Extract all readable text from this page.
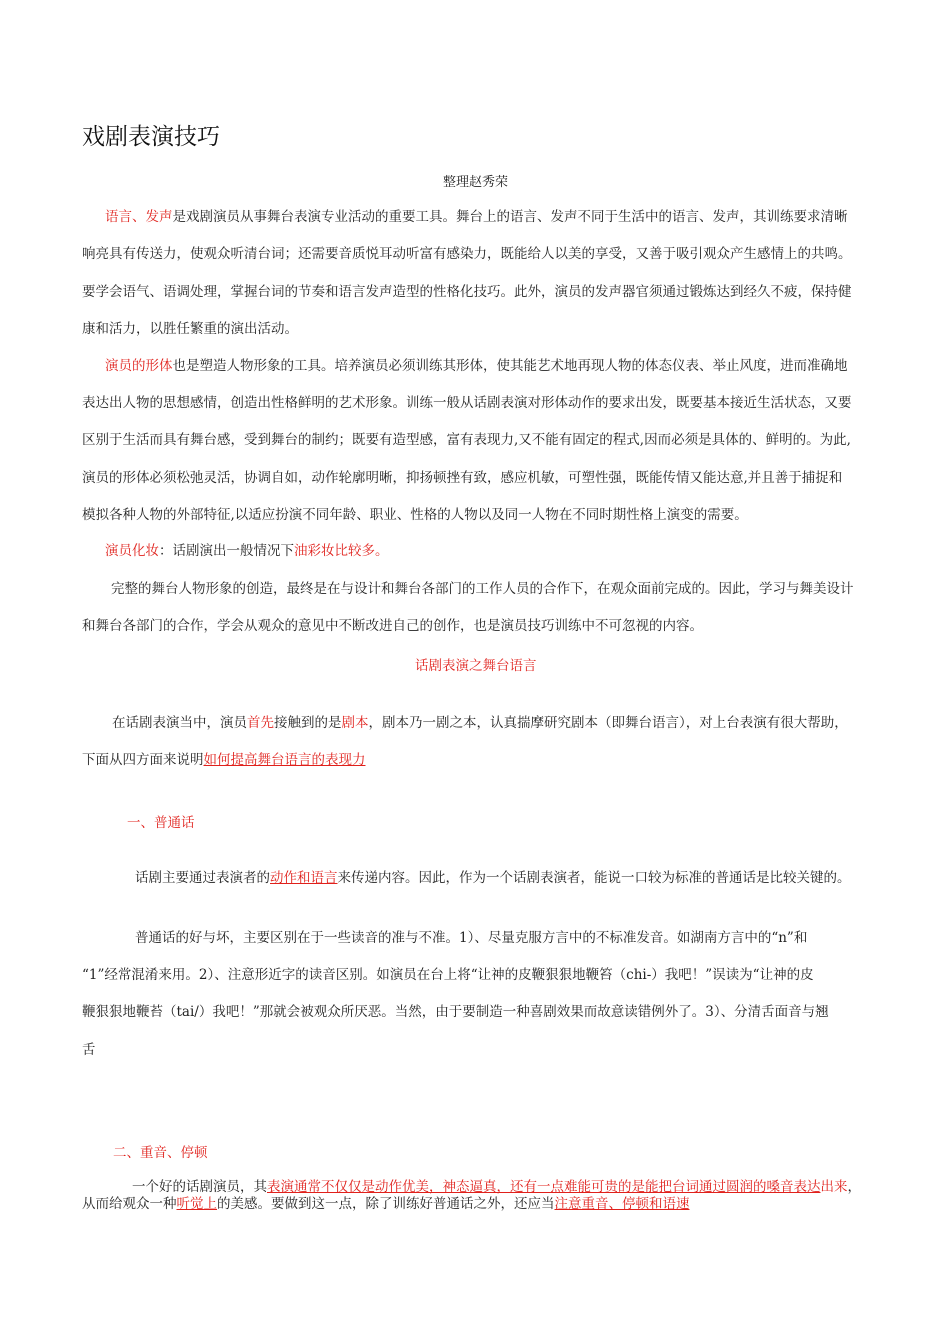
戏剧表演技巧
整理赵秀荣
语言、发声是戏剧演员从事舞台表演专业活动的重要工具。舞台上的语言、发声不同于生活中的语言、发声，其训练要求清晰
响亮具有传送力，使观众听清台词；还需要音质悦耳动听富有感染力，既能给人以美的享受，又善于吸引观众产生感情上的共鸣。
要学会语气、语调处理，掌握台词的节奏和语言发声造型的性格化技巧。此外，演员的发声器官须通过锻炼达到经久不疲，保持健
康和活力，以胜任繁重的演出活动。
演员的形体也是塑造人物形象的工具。培养演员必须训练其形体，使其能艺术地再现人物的体态仪表、举止风度，进而准确地
表达出人物的思想感情，创造出性格鲜明的艺术形象。训练一般从话剧表演对形体动作的要求出发，既要基本接近生活状态，又要
区别于生活而具有舞台感，受到舞台的制约；既要有造型感，富有表现力,又不能有固定的程式,因而必须是具体的、鲜明的。为此,
演员的形体必须松弛灵活，协调自如，动作轮廓明晰，抑扬顿挫有致，感应机敏，可塑性强，既能传情又能达意,并且善于捕捉和
模拟各种人物的外部特征,以适应扮演不同年龄、职业、性格的人物以及同一人物在不同时期性格上演变的需要。
演员化妆：话剧演出一般情况下油彩妆比较多。
完整的舞台人物形象的创造，最终是在与设计和舞台各部门的工作人员的合作下，在观众面前完成的。因此，学习与舞美设计
和舞台各部门的合作，学会从观众的意见中不断改进自己的创作，也是演员技巧训练中不可忽视的内容。
话剧表演之舞台语言
在话剧表演当中，演员首先接触到的是剧本，剧本乃一剧之本，认真揣摩研究剧本（即舞台语言），对上台表演有很大帮助，
下面从四方面来说明如何提高舞台语言的表现力
一、普通话
话剧主要通过表演者的动作和语言来传递内容。因此，作为一个话剧表演者，能说一口较为标准的普通话是比较关键的。
普通话的好与坏，主要区别在于一些读音的准与不准。1）、尽量克服方言中的不标准发音。如湖南方言中的“n”和
“1”经常混淆来用。2）、注意形近字的读音区别。如演员在台上将“让神的皮鞭狠狠地鞭笞（chi-）我吧！”误读为“让神的皮
鞭狠狠地鞭苔（tai/）我吧！”那就会被观众所厌恶。当然，由于要制造一种喜剧效果而故意读错例外了。3）、分清舌面音与翘
舌
二、重音、停顿
一个好的话剧演员，其表演通常不仅仅是动作优美，神态逼真，还有一点难能可贵的是能把台词通过圆润的嗓音表达出来，
从而给观众一种听觉上的美感。要做到这一点，除了训练好普通话之外，还应当注意重音、停顿和语速
